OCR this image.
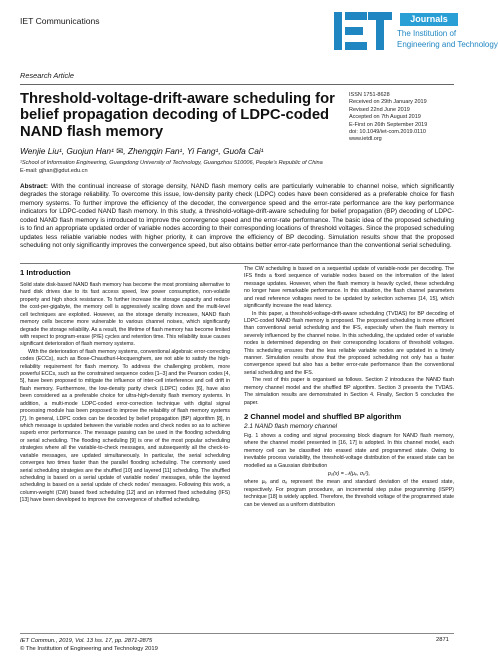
IET Communications
Research Article
Journals
The Institution of
Engineering and Technology
Threshold-voltage-drift-aware scheduling for belief propagation decoding of LDPC-coded NAND flash memory
ISSN 1751-8628
Received on 29th January 2019
Revised 22nd June 2019
Accepted on 7th August 2019
E-First on 26th September 2019
doi: 10.1049/iet-com.2019.0110
www.ietdl.org
Wenjie Liu¹, Guojun Han¹ ✉, Zhengqin Fan¹, Yi Fang¹, Guofa Cai¹
¹School of Information Engineering, Guangdong University of Technology, Guangzhou 510006, People’s Republic of China
E-mail: gjhan@gdut.edu.cn
Abstract: With the continual increase of storage density, NAND flash memory cells are particularly vulnerable to channel noise, which significantly degrades the storage reliability. To overcome this issue, low-density parity check (LDPC) codes have been considered as a preferable choice for flash memory systems. To further improve the efficiency of the decoder, the convergence speed and the error-rate performance are the key performance indicators for LDPC-coded NAND flash memory. In this study, a threshold-voltage-drift-aware scheduling for belief propagation (BP) decoding of LDPC-coded NAND flash memory is introduced to improve the convergence speed and the error-rate performance. The basic idea of the proposed scheduling is to find an appropriate updated order of variable nodes according to their corresponding locations of threshold voltages. Since the proposed scheduling updates less reliable variable nodes with higher priority, it can improve the efficiency of BP decoding. Simulation results show that the proposed scheduling not only significantly improves the convergence speed, but also obtains better error-rate performance than the conventional serial scheduling.
1 Introduction

Solid state disk-based NAND flash memory has become the most promising alternative to hard disk drives due to its fast access speed, low power consumption, non-volatile property and high shock resistance. To further increase the storage capacity and reduce the cost-per-gigabyte, the memory cell is aggressively scaling down and the multi-level cell techniques are exploited. However, as the storage density increases, NAND flash memory cells become more vulnerable to various channel noises, which significantly degrade the storage reliability. As a result, the lifetime of flash memory has become limited with respect to program-erase (P/E) cycles and retention time. This reliability issue causes significant deterioration of flash memory systems.

With the deterioration of flash memory systems, conventional algebraic error-correcting codes (ECCs), such as Bose-Chaudhuri-Hocquenghem, are not able to satisfy the high-reliability requirement for flash memory. To address the challenging problem, more powerful ECCs, such as the constrained sequence codes [1–3] and the Pearson codes [4, 5], have been proposed to mitigate the influence of inter-cell interference and cell drift in flash memory. Furthermore, the low-density parity check (LDPC) codes [6], have also been considered as a preferable choice for ultra-high-density flash memory systems. In addition, a multi-mode LDPC-coded error-correction technique with digital signal processing module has been proposed to improve the reliability of flash memory systems [7]. In general, LDPC codes can be decoded by belief propagation (BP) algorithm [8], in which message is updated between the variable nodes and check nodes so as to achieve superb error performance. The message passing can be used in the flooding scheduling or serial scheduling. The flooding scheduling [9] is one of the most popular scheduling strategies where all the variable-to-check messages, and subsequently all the check-to-variable messages, are updated simultaneously. In particular, the serial scheduling converges two times faster than the parallel flooding scheduling. The commonly used serial scheduling strategies are the shuffled [10] and layered [11] scheduling. The shuffled scheduling is based on a serial update of variable nodes' messages, while the layered scheduling is based on a serial update of check nodes' messages. Following this work, a column-weight (CW) based fixed scheduling [12] and an informed fixed scheduling (IFS) [13] have been developed to improve the convergence of shuffled scheduling.

The CW scheduling is based on a sequential update of variable-node per decoding. The IFS finds a fixed sequence of variable nodes based on the information of the latest message updates. However, when the flash memory is heavily cycled, these scheduling no longer have remarkable performance. In this situation, the flash channel parameters and read reference voltages need to be updated by selection schemes [14, 15], which significantly increase the read latency.

In this paper, a threshold-voltage-drift-aware scheduling (TVDAS) for BP decoding of LDPC-coded NAND flash memory is proposed. The proposed scheduling is more efficient than conventional serial scheduling and the IFS, especially when the flash memory is severely influenced by the channel noise. In this scheduling, the updated order of variable nodes is determined depending on their corresponding locations of threshold voltages. This scheduling ensures that the less reliable variable nodes are updated in a timely manner. Simulation results show that the proposed scheduling not only has a faster convergence speed but also has a better error-rate performance than the conventional serial scheduling and the IFS.

The rest of this paper is organised as follows. Section 2 introduces the NAND flash memory channel model and the shuffled BP algorithm. Section 3 presents the TVDAS. The simulation results are demonstrated in Section 4. Finally, Section 5 concludes the paper.

2 Channel model and shuffled BP algorithm
2.1 NAND flash memory channel

Fig. 1 shows a coding and signal processing block diagram for NAND flash memory, where the channel model presented in [16, 17] is adopted. In this channel model, each memory cell can be classified into erased state and programmed state. Owing to inevitable process variability, the threshold-voltage distribution of the erased state can be modelled as a Gaussian distribution

p₀(x) = 𝒩(μₑ, σₑ²),

where μₑ and σₑ represent the mean and standard deviation of the erased state, respectively. For program procedure, an incremental step pulse programming (ISPP) technique [18] is widely applied. Therefore, the threshold voltage of the programmed state can be viewed as a uniform distribution

IET Commun., 2019, Vol. 13 Iss. 17, pp. 2871-2875
© The Institution of Engineering and Technology 2019
2871
